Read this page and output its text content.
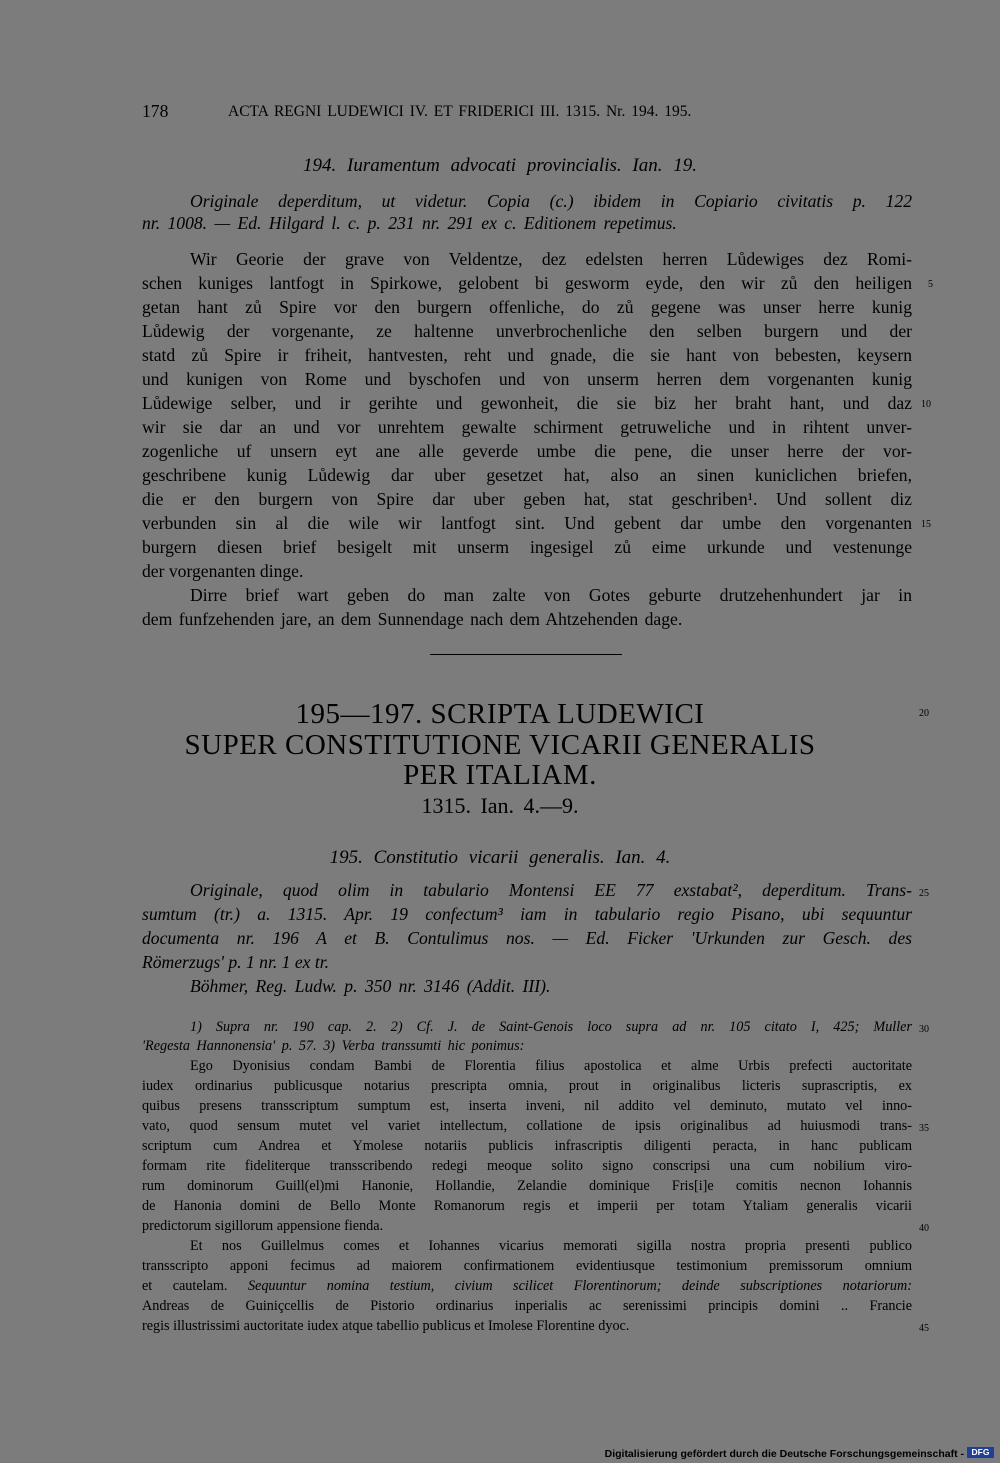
178	ACTA REGNI LUDEWICI IV. ET FRIDERICI III. 1315. Nr. 194. 195.
194. Iuramentum advocati provincialis. Ian. 19.
Originale deperditum, ut videtur. Copia (c.) ibidem in Copiario civitatis p. 122
nr. 1008. — Ed. Hilgard l. c. p. 231 nr. 291 ex c. Editionem repetimus.
Wir Georie der grave von Veldentze, dez edelsten herren Lůdewiges dez Romi-
schen kuniges lantfogt in Spirkowe, gelobent bi gesworm eyde, den wir zů den heiligen
getan hant zů Spire vor den burgern offenliche, do zů gegene was unser herre kunig
Lůdewig der vorgenante, ze haltenne unverbrochenliche den selben burgern und der
statd zů Spire ir friheit, hantvesten, reht und gnade, die sie hant von bebesten, keysern
und kunigen von Rome und byschofen und von unserm herren dem vorgenanten kunig
Lůdewige selber, und ir gerihte und gewonheit, die sie biz her braht hant, und daz
wir sie dar an und vor unrehtem gewalte schirment getruweliche und in rihtent unver-
zogenliche uf unsern eyt ane alle geverde umbe die pene, die unser herre der vor-
geschribene kunig Lůdewig dar uber gesetzet hat, also an sinen kuniclichen briefen,
die er den burgern von Spire dar uber geben hat, stat geschriben¹. Und sollent diz
verbunden sin al die wile wir lantfogt sint. Und gebent dar umbe den vorgenanten
burgern diesen brief besigelt mit unserm ingesigel zů eime urkunde und vestenunge
der vorgenanten dinge.
Dirre brief wart geben do man zalte von Gotes geburte drutzehenhundert jar in
dem funfzehenden jare, an dem Sunnendage nach dem Ahtzehenden dage.
5
10
15
195—197. SCRIPTA LUDEWICI
SUPER CONSTITUTIONE VICARII GENERALIS
PER ITALIAM.
1315. Ian. 4.—9.
20
195. Constitutio vicarii generalis. Ian. 4.
Originale, quod olim in tabulario Montensi EE 77 exstabat², deperditum. Trans-
sumtum (tr.) a. 1315. Apr. 19 confectum³ iam in tabulario regio Pisano, ubi sequuntur
documenta nr. 196 A et B. Contulimus nos. — Ed. Ficker 'Urkunden zur Gesch. des
Römerzugs' p. 1 nr. 1 ex tr.
Böhmer, Reg. Ludw. p. 350 nr. 3146 (Addit. III).
25
1) Supra nr. 190 cap. 2. 2) Cf. J. de Saint-Genois loco supra ad nr. 105 citato I, 425; Muller
'Regesta Hannonensia' p. 57. 3) Verba transsumti hic ponimus:
Ego Dyonisius condam Bambi de Florentia filius apostolica et alme Urbis prefecti auctoritate
iudex ordinarius publicusque notarius prescripta omnia, prout in originalibus licteris suprascriptis, ex
quibus presens transscriptum sumptum est, inserta inveni, nil addito vel deminuto, mutato vel inno-
vato, quod sensum mutet vel variet intellectum, collatione de ipsis originalibus ad huiusmodi trans-
scriptum cum Andrea et Ymolese notariis publicis infrascriptis diligenti peracta, in hanc publicam
formam rite fideliterque transscribendo redegi meoque solito signo conscripsi una cum nobilium viro-
rum dominorum Guill(el)mi Hanonie, Hollandie, Zelandie dominique Fris[i]e comitis necnon Iohannis
de Hanonia domini de Bello Monte Romanorum regis et imperii per totam Ytaliam generalis vicarii
predictorum sigillorum appensione fienda.
Et nos Guillelmus comes et Iohannes vicarius memorati sigilla nostra propria presenti publico
transscripto apponi fecimus ad maiorem confirmationem evidentiusque testimonium premissorum omnium
et cautelam. Sequuntur nomina testium, civium scilicet Florentinorum; deinde subscriptiones notariorum:
Andreas de Guiniçcellis de Pistorio ordinarius inperialis ac serenissimi principis domini .. Francie
regis illustrissimi auctoritate iudex atque tabellio publicus et Imolese Florentine dyoc.
30
35
40
45
Digitalisierung gefördert durch die Deutsche Forschungsgemeinschaft - DFG
